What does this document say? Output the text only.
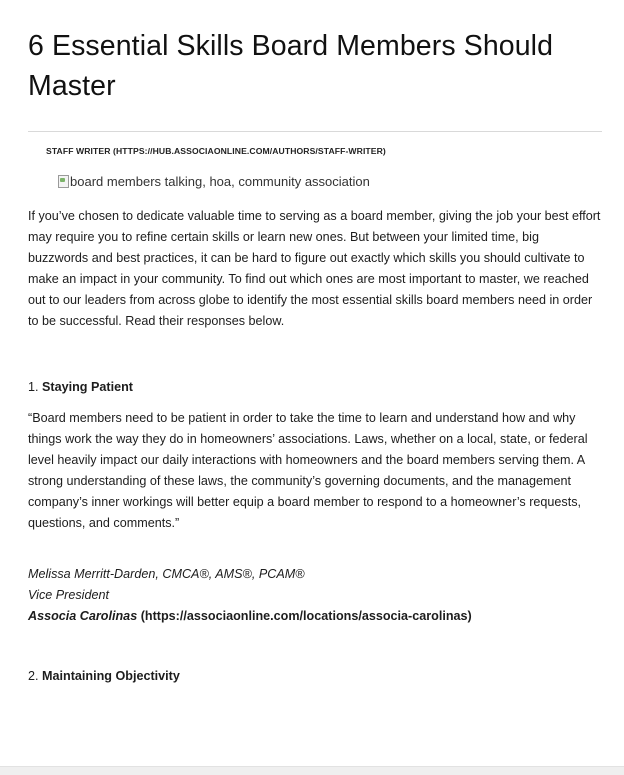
6 Essential Skills Board Members Should Master
STAFF WRITER (HTTPS://HUB.ASSOCIAONLINE.COM/AUTHORS/STAFF-WRITER)
board members talking, hoa, community association

If you’ve chosen to dedicate valuable time to serving as a board member, giving the job your best effort may require you to refine certain skills or learn new ones. But between your limited time, big buzzwords and best practices, it can be hard to figure out exactly which skills you should cultivate to make an impact in your community. To find out which ones are most important to master, we reached out to our leaders from across globe to identify the most essential skills board members need in order to be successful. Read their responses below.

1. Staying Patient

“Board members need to be patient in order to take the time to learn and understand how and why things work the way they do in homeowners’ associations. Laws, whether on a local, state, or federal level heavily impact our daily interactions with homeowners and the board members serving them. A strong understanding of these laws, the community’s governing documents, and the management company’s inner workings will better equip a board member to respond to a homeowner’s requests, questions, and comments.”

Melissa Merritt-Darden, CMCA®, AMS®, PCAM®
Vice President
Associa Carolinas (https://associaonline.com/locations/associa-carolinas)

2. Maintaining Objectivity
